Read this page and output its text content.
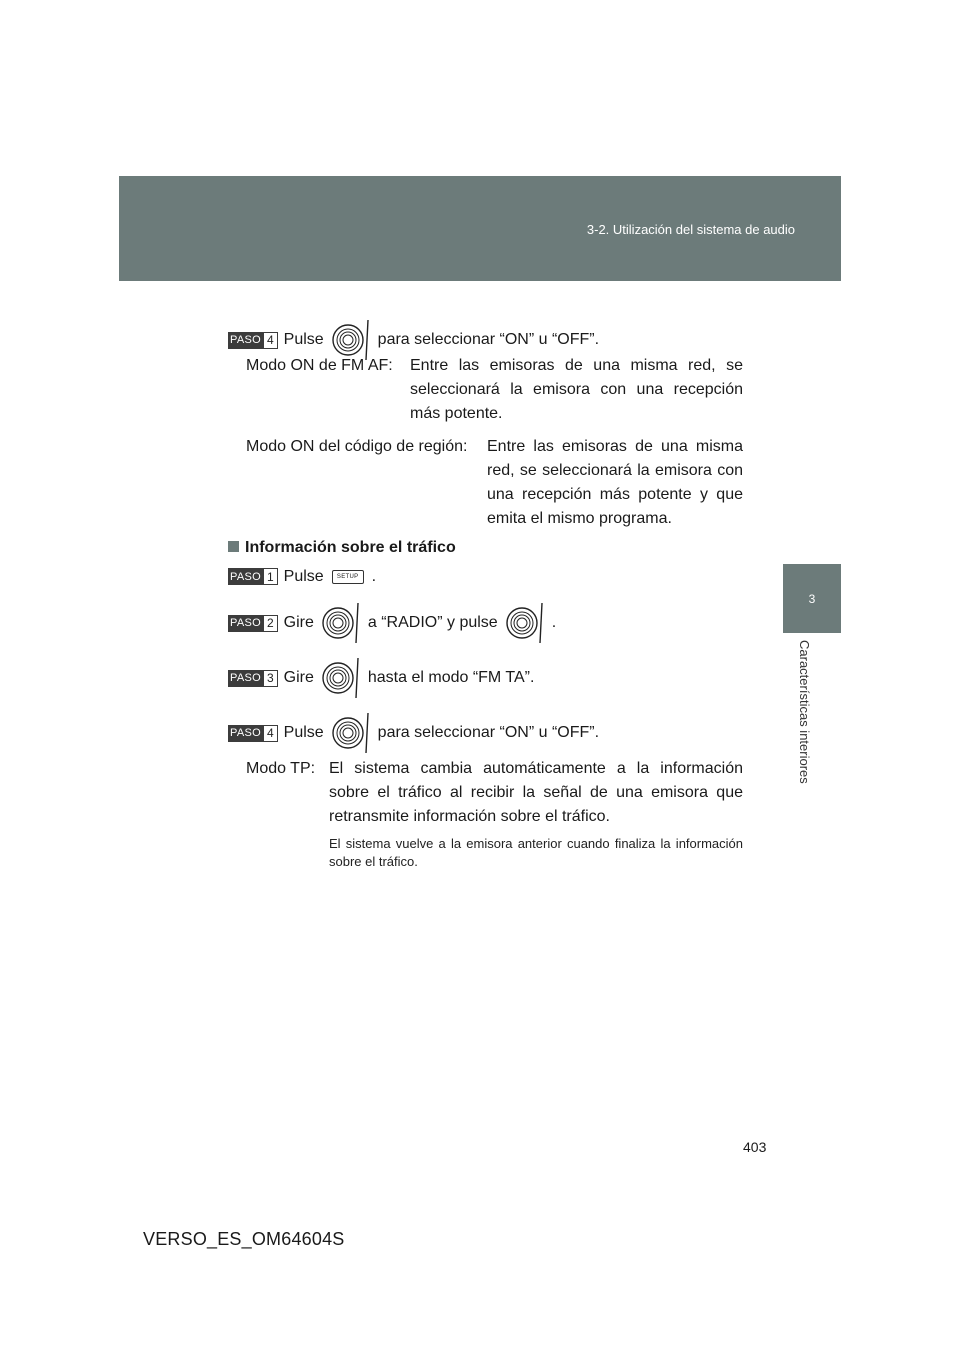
3-2. Utilización del sistema de audio
3
Características interiores
PASO 4 Pulse	para seleccionar “ON” u “OFF”.
Modo ON de FM AF: Entre las emisoras de una misma red, se seleccionará la emisora con una recepción más potente.
Modo ON del código de región: Entre las emisoras de una misma red, se seleccionará la emisora con una recepción más potente y que emita el mismo programa.
Información sobre el tráfico
PASO 1 Pulse SETUP .
PASO 2 Gire	a “RADIO” y pulse	.
PASO 3 Gire	hasta el modo “FM TA”.
PASO 4 Pulse	para seleccionar “ON” u “OFF”.
Modo TP: El sistema cambia automáticamente a la información sobre el tráfico al recibir la señal de una emisora que retransmite información sobre el tráfico.
El sistema vuelve a la emisora anterior cuando finaliza la información sobre el tráfico.
403
VERSO_ES_OM64604S
